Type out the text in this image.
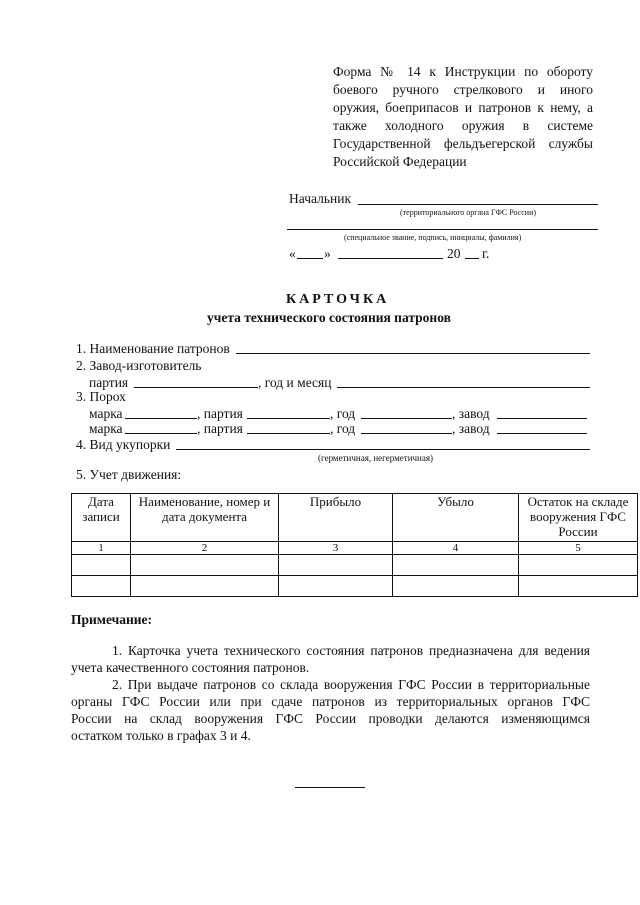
Форма № 14 к Инструкции по обороту
боевого ручного стрелкового и иного
оружия, боеприпасов и патронов к нему, а
также холодного оружия в системе
Государственной фельдъегерской службы
Российской Федерации
Начальник
(территориального органа ГФС России)
(специальное звание, подпись, инициалы, фамилия)
« »	20 г.
КАРТОЧКА
учета технического состояния патронов
1. Наименование патронов
2. Завод-изготовитель
партия	, год и месяц
3. Порох
марка	, партия	, год	, завод
марка	, партия	, год	, завод
4. Вид укупорки
(герметичная, негерметичная)
5. Учет движения:
Дата записи	Наименование, номер и дата документа	Прибыло	Убыло	Остаток на складе вооружения ГФС России
1	2	3	4	5

Примечание:
1. Карточка учета технического состояния патронов предназначена для ведения
учета качественного состояния патронов.
2. При выдаче патронов со склада вооружения ГФС России в территориальные
органы ГФС России или при сдаче патронов из территориальных органов ГФС
России на склад вооружения ГФС России проводки делаются изменяющимся
остатком только в графах 3 и 4.
